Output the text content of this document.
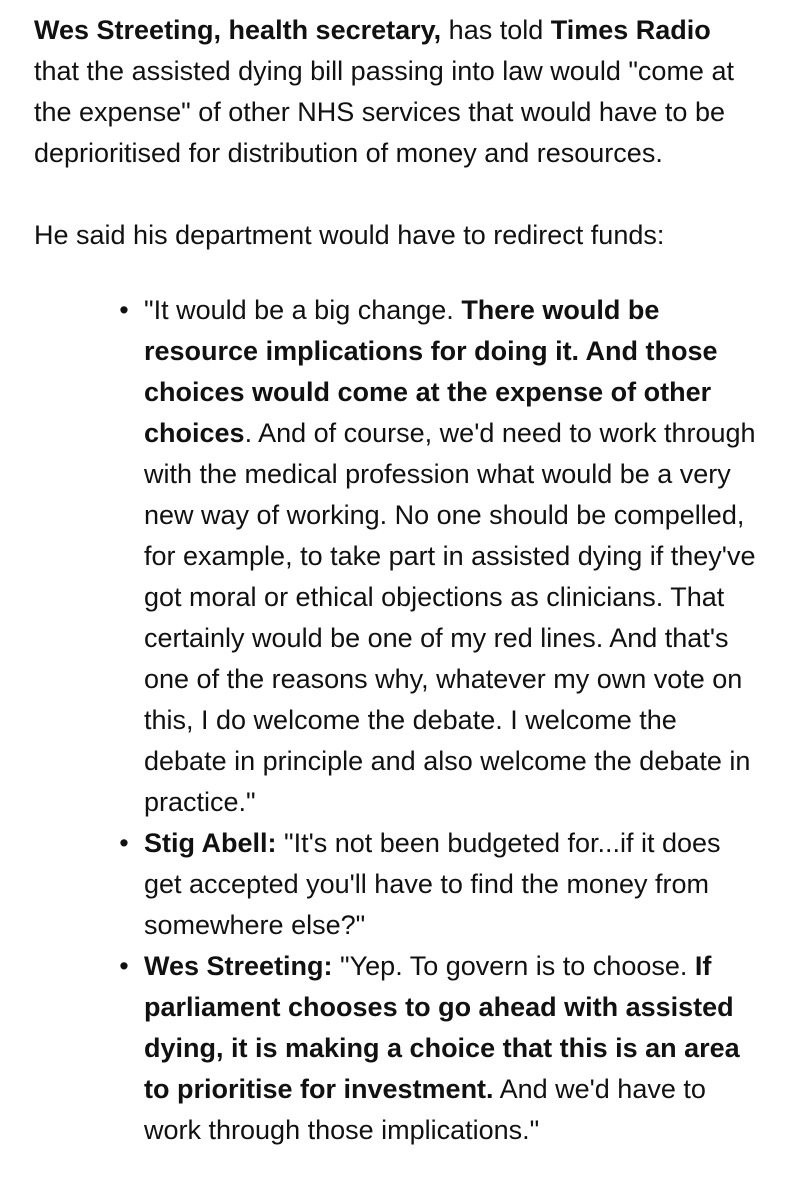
Wes Streeting, health secretary, has told Times Radio that the assisted dying bill passing into law would "come at the expense" of other NHS services that would have to be deprioritised for distribution of money and resources.

He said his department would have to redirect funds:

• "It would be a big change. There would be resource implications for doing it. And those choices would come at the expense of other choices. And of course, we'd need to work through with the medical profession what would be a very new way of working. No one should be compelled, for example, to take part in assisted dying if they've got moral or ethical objections as clinicians. That certainly would be one of my red lines. And that's one of the reasons why, whatever my own vote on this, I do welcome the debate. I welcome the debate in principle and also welcome the debate in practice."
• Stig Abell: "It's not been budgeted for...if it does get accepted you'll have to find the money from somewhere else?"
• Wes Streeting: "Yep. To govern is to choose. If parliament chooses to go ahead with assisted dying, it is making a choice that this is an area to prioritise for investment. And we'd have to work through those implications."
